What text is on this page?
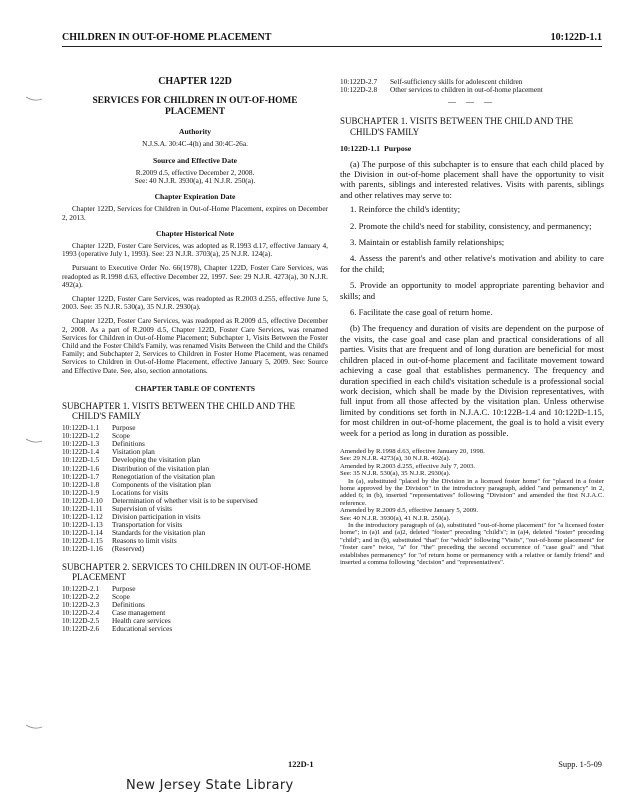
CHILDREN IN OUT-OF-HOME PLACEMENT	10:122D-1.1
CHAPTER 122D
SERVICES FOR CHILDREN IN OUT-OF-HOME PLACEMENT
Authority
N.J.S.A. 30:4C-4(h) and 30:4C-26a.
Source and Effective Date
R.2009 d.5, effective December 2, 2008.
See: 40 N.J.R. 3930(a), 41 N.J.R. 250(a).
Chapter Expiration Date
Chapter 122D, Services for Children in Out-of-Home Placement, expires on December 2, 2013.
Chapter Historical Note
Chapter 122D, Foster Care Services, was adopted as R.1993 d.17, effective January 4, 1993 (operative July 1, 1993). See: 23 N.J.R. 3703(a), 25 N.J.R. 124(a).
Pursuant to Executive Order No. 66(1978), Chapter 122D, Foster Care Services, was readopted as R.1998 d.63, effective December 22, 1997. See: 29 N.J.R. 4273(a), 30 N.J.R. 492(a).
Chapter 122D, Foster Care Services, was readopted as R.2003 d.255, effective June 5, 2003. See: 35 N.J.R. 530(a), 35 N.J.R. 2930(a).
Chapter 122D, Foster Care Services, was readopted as R.2009 d.5, effective December 2, 2008. As a part of R.2009 d.5, Chapter 122D, Foster Care Services, was renamed Services for Children in Out-of-Home Placement; Subchapter 1, Visits Between the Foster Child and the Foster Child's Family, was renamed Visits Between the Child and the Child's Family; and Subchapter 2, Services to Children in Foster Home Placement, was renamed Services to Children in Out-of-Home Placement, effective January 5, 2009. See: Source and Effective Date. See, also, section annotations.
CHAPTER TABLE OF CONTENTS
SUBCHAPTER 1. VISITS BETWEEN THE CHILD AND THE CHILD'S FAMILY
10:122D-1.1	Purpose
10:122D-1.2	Scope
10:122D-1.3	Definitions
10:122D-1.4	Visitation plan
10:122D-1.5	Developing the visitation plan
10:122D-1.6	Distribution of the visitation plan
10:122D-1.7	Renegotiation of the visitation plan
10:122D-1.8	Components of the visitation plan
10:122D-1.9	Locations for visits
10:122D-1.10	Determination of whether visit is to be supervised
10:122D-1.11	Supervision of visits
10:122D-1.12	Division participation in visits
10:122D-1.13	Transportation for visits
10:122D-1.14	Standards for the visitation plan
10:122D-1.15	Reasons to limit visits
10:122D-1.16	(Reserved)
SUBCHAPTER 2. SERVICES TO CHILDREN IN OUT-OF-HOME PLACEMENT
10:122D-2.1	Purpose
10:122D-2.2	Scope
10:122D-2.3	Definitions
10:122D-2.4	Case management
10:122D-2.5	Health care services
10:122D-2.6	Educational services
10:122D-2.7	Self-sufficiency skills for adolescent children
10:122D-2.8	Other services to children in out-of-home placement
— — —
SUBCHAPTER 1. VISITS BETWEEN THE CHILD AND THE CHILD'S FAMILY
10:122D-1.1 Purpose
(a) The purpose of this subchapter is to ensure that each child placed by the Division in out-of-home placement shall have the opportunity to visit with parents, siblings and interested relatives. Visits with parents, siblings and other relatives may serve to:
1. Reinforce the child's identity;
2. Promote the child's need for stability, consistency, and permanency;
3. Maintain or establish family relationships;
4. Assess the parent's and other relative's motivation and ability to care for the child;
5. Provide an opportunity to model appropriate parenting behavior and skills; and
6. Facilitate the case goal of return home.
(b) The frequency and duration of visits are dependent on the purpose of the visits, the case goal and case plan and practical considerations of all parties. Visits that are frequent and of long duration are beneficial for most children placed in out-of-home placement and facilitate movement toward achieving a case goal that establishes permanency. The frequency and duration specified in each child's visitation schedule is a professional social work decision, which shall be made by the Division representatives, with full input from all those affected by the visitation plan. Unless otherwise limited by conditions set forth in N.J.A.C. 10:122B-1.4 and 10:122D-1.15, for most children in out-of-home placement, the goal is to hold a visit every week for a period as long in duration as possible.
Amended by R.1998 d.63, effective January 20, 1998.
See: 29 N.J.R. 4273(a), 30 N.J.R. 492(a).
Amended by R.2003 d.255, effective July 7, 2003.
See: 35 N.J.R. 530(a), 35 N.J.R. 2930(a).
In (a), substituted "placed by the Division in a licensed foster home" for "placed in a foster home approved by the Division" in the introductory paragraph, added "and permanency" in 2, added 6; in (b), inserted "representatives" following "Division" and amended the first N.J.A.C. reference.
Amended by R.2009 d.5, effective January 5, 2009.
See: 40 N.J.R. 3930(a), 41 N.J.R. 250(a).
In the introductory paragraph of (a), substituted "out-of-home placement" for "a licensed foster home"; in (a)1 and (a)2, deleted "foster" preceding "child's"; in (a)4, deleted "foster" preceding "child"; and in (b), substituted "that" for "which" following "Visits", "out-of-home placement" for "foster care" twice, "a" for "the" preceding the second occurrence of "case goal" and "that establishes permanency" for "of return home or permanency with a relative or family friend" and inserted a comma following "decision" and "representatives".
122D-1	Supp. 1-5-09
New Jersey State Library
